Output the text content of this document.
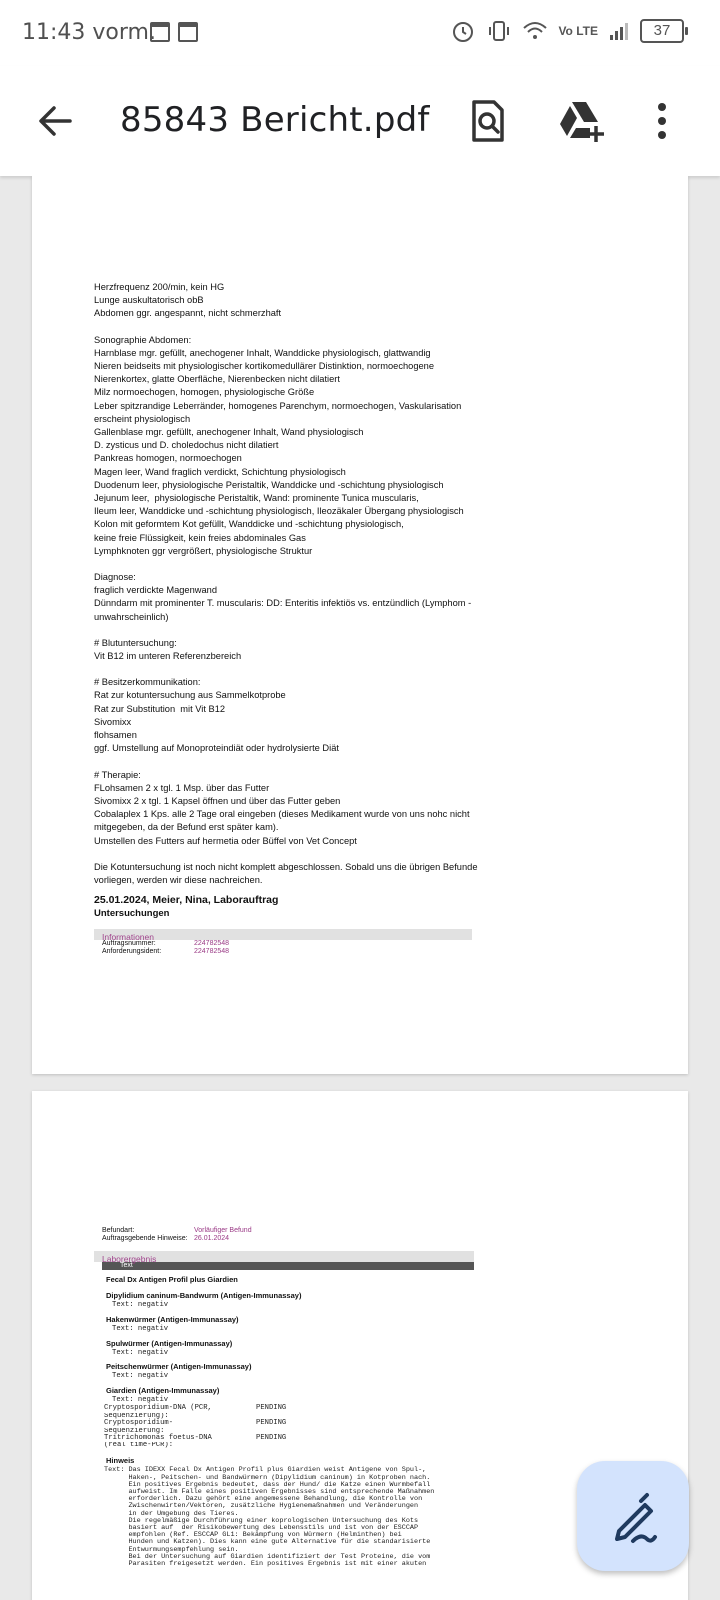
11:43 vorm.	Vo LTE	37
85843 Bericht.pdf

Herzfrequenz 200/min, kein HG

Lunge auskultatorisch obB

Abdomen ggr. angespannt, nicht schmerzhaft

Sonographie Abdomen:

Harnblase mgr. gefüllt, anechogener Inhalt, Wanddicke physiologisch, glattwandig

Nieren beidseits mit physiologischer kortikomedullärer Distinktion, normoechogene

Nierenkortex, glatte Oberfläche, Nierenbecken nicht dilatiert

Milz normoechogen, homogen, physiologische Größe

Leber spitzrandige Leberränder, homogenes Parenchym, normoechogen, Vaskularisation

erscheint physiologisch

Gallenblase mgr. gefüllt, anechogener Inhalt, Wand physiologisch

D. zysticus und D. choledochus nicht dilatiert

Pankreas homogen, normoechogen

Magen leer, Wand fraglich verdickt, Schichtung physiologisch

Duodenum leer, physiologische Peristaltik, Wanddicke und -schichtung physiologisch

Jejunum leer,  physiologische Peristaltik, Wand: prominente Tunica muscularis,

Ileum leer, Wanddicke und -schichtung physiologisch, Ileozäkaler Übergang physiologisch

Kolon mit geformtem Kot gefüllt, Wanddicke und -schichtung physiologisch,

keine freie Flüssigkeit, kein freies abdominales Gas

Lymphknoten ggr vergrößert, physiologische Struktur

Diagnose:

fraglich verdickte Magenwand

Dünndarm mit prominenter T. muscularis: DD: Enteritis infektiös vs. entzündlich (Lymphom -

unwahrscheinlich)

# Blutuntersuchung:

Vit B12 im unteren Referenzbereich

# Besitzerkommunikation:

Rat zur kotuntersuchung aus Sammelkotprobe

Rat zur Substitution  mit Vit B12

Sivomixx

flohsamen

ggf. Umstellung auf Monoproteindiät oder hydrolysierte Diät

# Therapie:

FLohsamen 2 x tgl. 1 Msp. über das Futter

Sivomixx 2 x tgl. 1 Kapsel öffnen und über das Futter geben

Cobalaplex 1 Kps. alle 2 Tage oral eingeben (dieses Medikament wurde von uns nohc nicht

mitgegeben, da der Befund erst später kam).

Umstellen des Futters auf hermetia oder Büffel von Vet Concept

Die Kotuntersuchung ist noch nicht komplett abgeschlossen. Sobald uns die übrigen Befunde

vorliegen, werden wir diese nachreichen.

25.01.2024, Meier, Nina, Laborauftrag

Untersuchungen

Informationen
Auftragsnummer:	224782548
Anforderungsident:	224782548
Befundart:	Vorläufiger Befund
Auftragsgebende Hinweise: 26.01.2024
Laborergebnis
Text
Fecal Dx Antigen Profil plus Giardien
Dipylidium caninum-Bandwurm (Antigen-Immunassay)
Text: negativ
Hakenwürmer (Antigen-Immunassay)
Text: negativ
Spulwürmer (Antigen-Immunassay)
Text: negativ
Peitschenwürmer (Antigen-Immunassay)
Text: negativ
Giardien (Antigen-Immunassay)
Text: negativ
Cryptosporidium-DNA (PCR,	PENDING
Sequenzierung):
Cryptosporidium-	PENDING
Sequenzierung:
Tritrichomonas foetus-DNA	PENDING
(real time-PCR):
Hinweis
Text: Das IDEXX Fecal Dx Antigen Profil plus Giardien weist Antigene von Spul-,
Haken-, Peitschen- und Bandwürmern (Dipylidium caninum) in Kotproben nach.
Ein positives Ergebnis bedeutet, dass der Hund/ die Katze einen Wurmbefall
aufweist. Im Falle eines positiven Ergebnisses sind entsprechende Maßnahmen
erforderlich. Dazu gehört eine angemessene Behandlung, die Kontrolle von
Zwischenwirten/Vektoren, zusätzliche Hygienemaßnahmen und Veränderungen
in der Umgebung des Tieres.
Die regelmäßige Durchführung einer koprologischen Untersuchung des Kots
basiert auf  der Risikobewertung des Lebensstils und ist von der ESCCAP
empfohlen (Ref. ESCCAP GL1: Bekämpfung von Würmern (Helminthen) bei
Hunden und Katzen). Dies kann eine gute Alternative für die standarisierte
Entwurmungsempfehlung sein.
Bei der Untersuchung auf Giardien identifiziert der Test Proteine, die vom
Parasiten freigesetzt werden. Ein positives Ergebnis ist mit einer akuten
